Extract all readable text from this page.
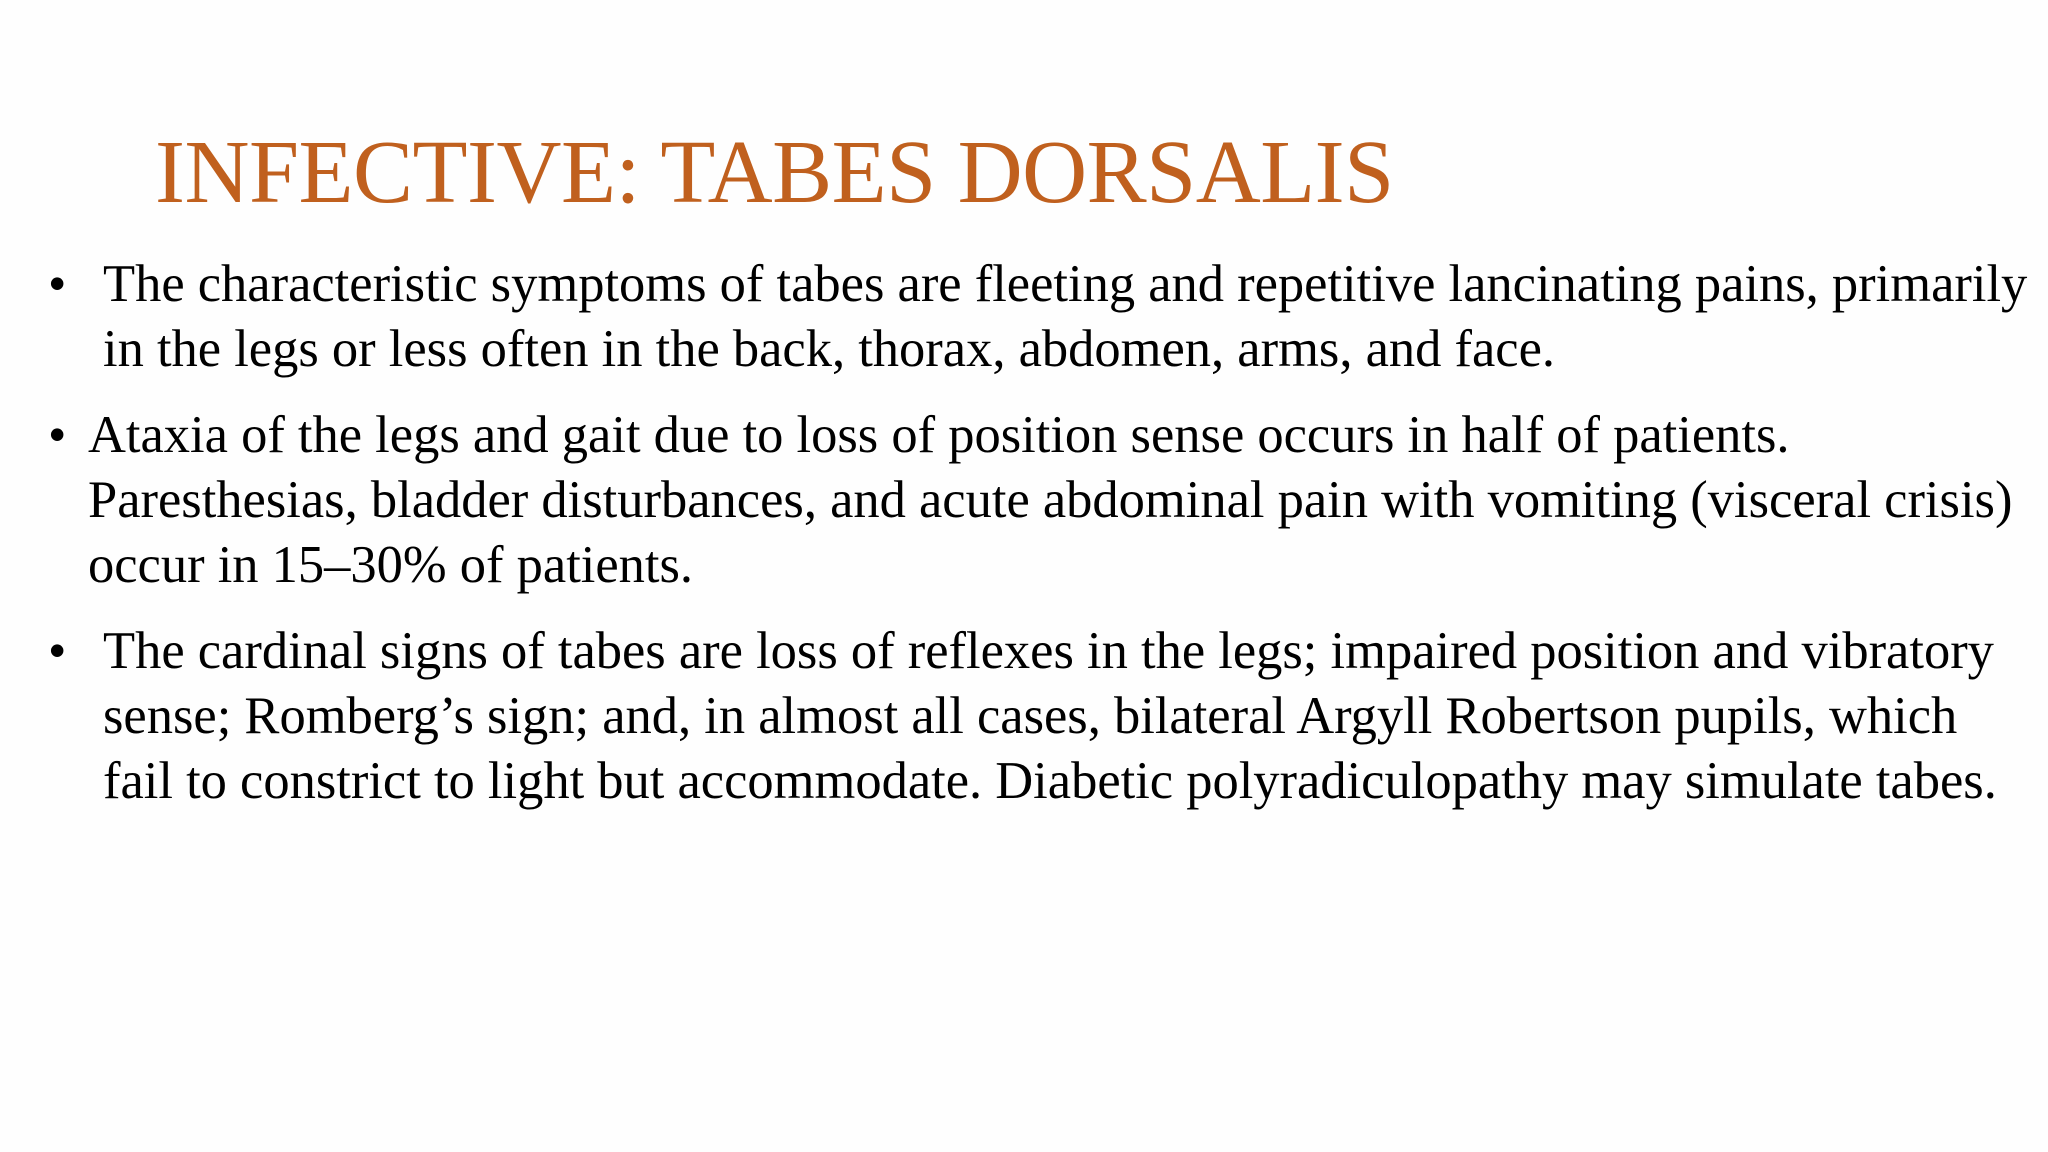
INFECTIVE: TABES DORSALIS
• The characteristic symptoms of tabes are fleeting and repetitive lancinating pains, primarily in the legs or less often in the back, thorax, abdomen, arms, and face.
• Ataxia of the legs and gait due to loss of position sense occurs in half of patients. Paresthesias, bladder disturbances, and acute abdominal pain with vomiting (visceral crisis) occur in 15–30% of patients.
• The cardinal signs of tabes are loss of reflexes in the legs; impaired position and vibratory sense; Romberg’s sign; and, in almost all cases, bilateral Argyll Robertson pupils, which fail to constrict to light but accommodate. Diabetic polyradiculopathy may simulate tabes.
